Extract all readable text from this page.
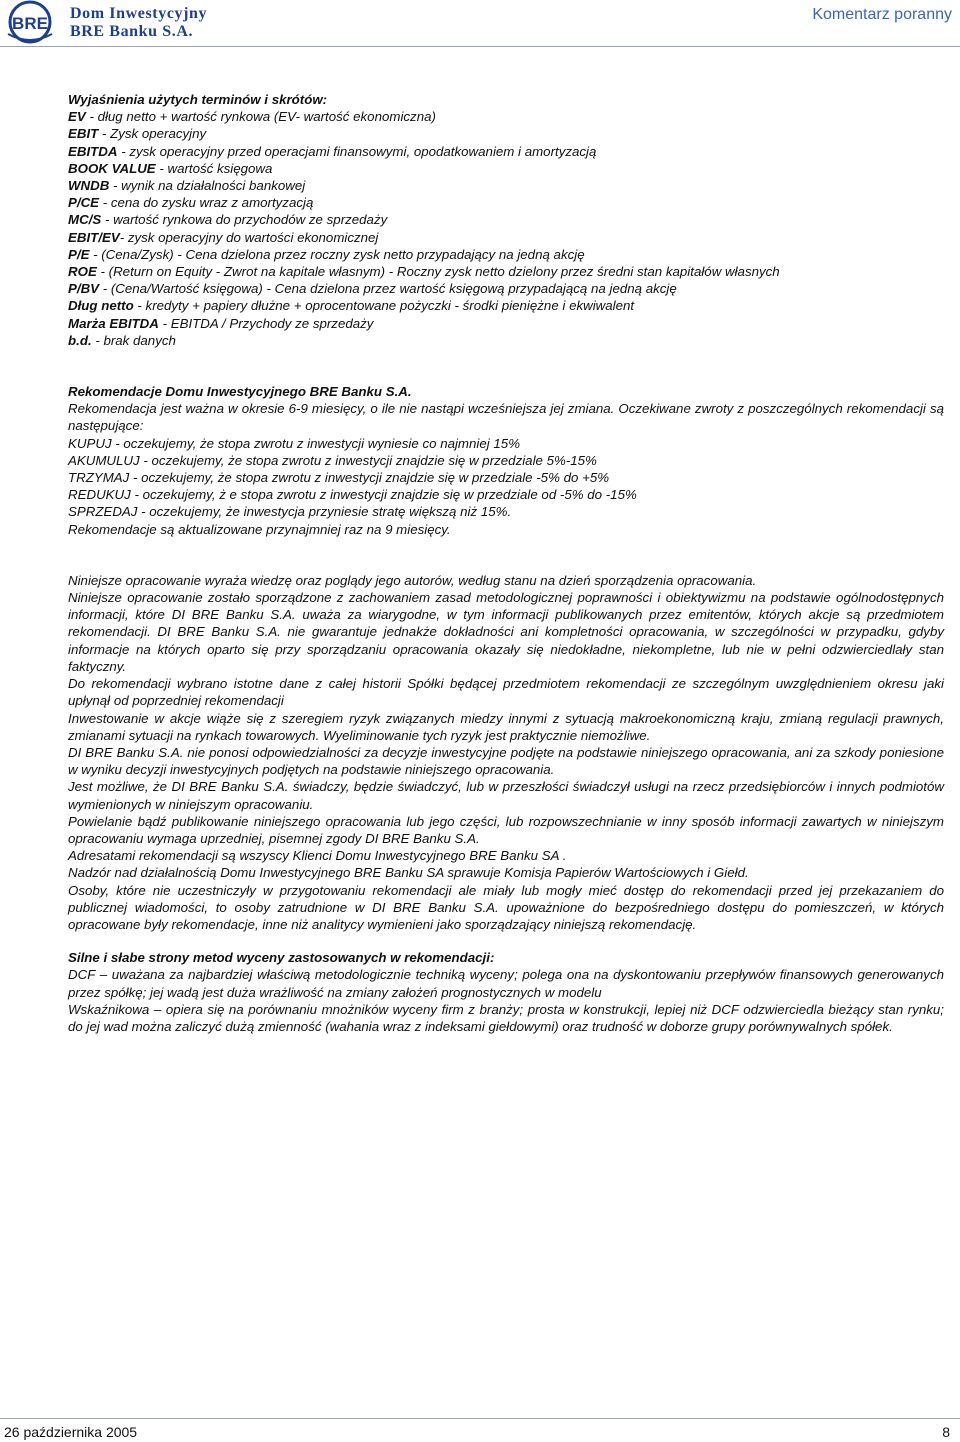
BRE
Dom Inwestycyjny
BRE Banku S.A.
Komentarz poranny

Wyjaśnienia użytych terminów i skrótów:

EV - dług netto + wartość rynkowa (EV- wartość ekonomiczna)

EBIT - Zysk operacyjny

EBITDA - zysk operacyjny przed operacjami finansowymi, opodatkowaniem i amortyzacją

BOOK VALUE - wartość księgowa

WNDB - wynik na działalności bankowej

P/CE - cena do zysku wraz z amortyzacją

MC/S - wartość rynkowa do przychodów ze sprzedaży

EBIT/EV- zysk operacyjny do wartości ekonomicznej

P/E - (Cena/Zysk) - Cena dzielona przez roczny zysk netto przypadający na jedną akcję

ROE - (Return on Equity - Zwrot na kapitale własnym) - Roczny zysk netto dzielony przez średni stan kapitałów własnych

P/BV - (Cena/Wartość księgowa) - Cena dzielona przez wartość księgową przypadającą na jedną akcję

Dług netto - kredyty + papiery dłużne + oprocentowane pożyczki - środki pieniężne i ekwiwalent

Marża EBITDA - EBITDA / Przychody ze sprzedaży

b.d. - brak danych

Rekomendacje Domu Inwestycyjnego BRE Banku S.A.

Rekomendacja jest ważna w okresie 6-9 miesięcy, o ile nie nastąpi wcześniejsza jej zmiana. Oczekiwane zwroty z poszczególnych rekomendacji są następujące:

KUPUJ - oczekujemy, że stopa zwrotu z inwestycji wyniesie co najmniej 15%

AKUMULUJ - oczekujemy, że stopa zwrotu z inwestycji znajdzie się w przedziale 5%-15%

TRZYMAJ - oczekujemy, że stopa zwrotu z inwestycji znajdzie się w przedziale -5% do +5%

REDUKUJ - oczekujemy, ż e stopa zwrotu z inwestycji znajdzie się w przedziale od -5% do -15%

SPRZEDAJ - oczekujemy, że inwestycja przyniesie stratę większą niż 15%.

Rekomendacje są aktualizowane przynajmniej raz na 9 miesięcy.

Niniejsze opracowanie wyraża wiedzę oraz poglądy jego autorów, według stanu na dzień sporządzenia opracowania.

Niniejsze opracowanie zostało sporządzone z zachowaniem zasad metodologicznej poprawności i obiektywizmu na podstawie ogólnodostępnych informacji, które DI BRE Banku S.A. uważa za wiarygodne, w tym informacji publikowanych przez emitentów, których akcje są przedmiotem rekomendacji. DI BRE Banku S.A. nie gwarantuje jednakże dokładności ani kompletności opracowania, w szczególności w przypadku, gdyby informacje na których oparto się przy sporządzaniu opracowania okazały się niedokładne, niekompletne, lub nie w pełni odzwierciedlały stan faktyczny.

Do rekomendacji wybrano istotne dane z całej historii Spółki będącej przedmiotem rekomendacji ze szczególnym uwzględnieniem okresu jaki upłynął od poprzedniej rekomendacji

Inwestowanie w akcje wiąże się z szeregiem ryzyk związanych miedzy innymi z sytuacją makroekonomiczną kraju, zmianą regulacji prawnych, zmianami sytuacji na rynkach towarowych. Wyeliminowanie tych ryzyk jest praktycznie niemożliwe.

DI BRE Banku S.A. nie ponosi odpowiedzialności za decyzje inwestycyjne podjęte na podstawie niniejszego opracowania, ani za szkody poniesione w wyniku decyzji inwestycyjnych podjętych na podstawie niniejszego opracowania.

Jest możliwe, że DI BRE Banku S.A. świadczy, będzie świadczyć, lub w przeszłości świadczył usługi na rzecz przedsiębiorców i innych podmiotów wymienionych w niniejszym opracowaniu.

Powielanie bądź publikowanie niniejszego opracowania lub jego części, lub rozpowszechnianie w inny sposób informacji zawartych w niniejszym opracowaniu wymaga uprzedniej, pisemnej zgody DI BRE Banku S.A.

Adresatami rekomendacji są wszyscy Klienci Domu Inwestycyjnego BRE Banku SA .

Nadzór nad działalnością Domu Inwestycyjnego BRE Banku SA sprawuje Komisja Papierów Wartościowych i Giełd.

Osoby, które nie uczestniczyły w przygotowaniu rekomendacji ale miały lub mogły mieć dostęp do rekomendacji przed jej przekazaniem do publicznej wiadomości, to osoby zatrudnione w DI BRE Banku S.A. upoważnione do bezpośredniego dostępu do pomieszczeń, w których opracowane były rekomendacje, inne niż analitycy wymienieni jako sporządzający niniejszą rekomendację.

Silne i słabe strony metod wyceny zastosowanych w rekomendacji:

DCF – uważana za najbardziej właściwą metodologicznie techniką wyceny; polega ona na dyskontowaniu przepływów finansowych generowanych przez spółkę; jej wadą jest duża wrażliwość na zmiany założeń prognostycznych w modelu

Wskaźnikowa – opiera się na porównaniu mnożników wyceny firm z branży; prosta w konstrukcji, lepiej niż DCF odzwierciedla bieżący stan rynku; do jej wad można zaliczyć dużą zmienność (wahania wraz z indeksami giełdowymi) oraz trudność w doborze grupy porównywalnych spółek.

26 października 2005	8
